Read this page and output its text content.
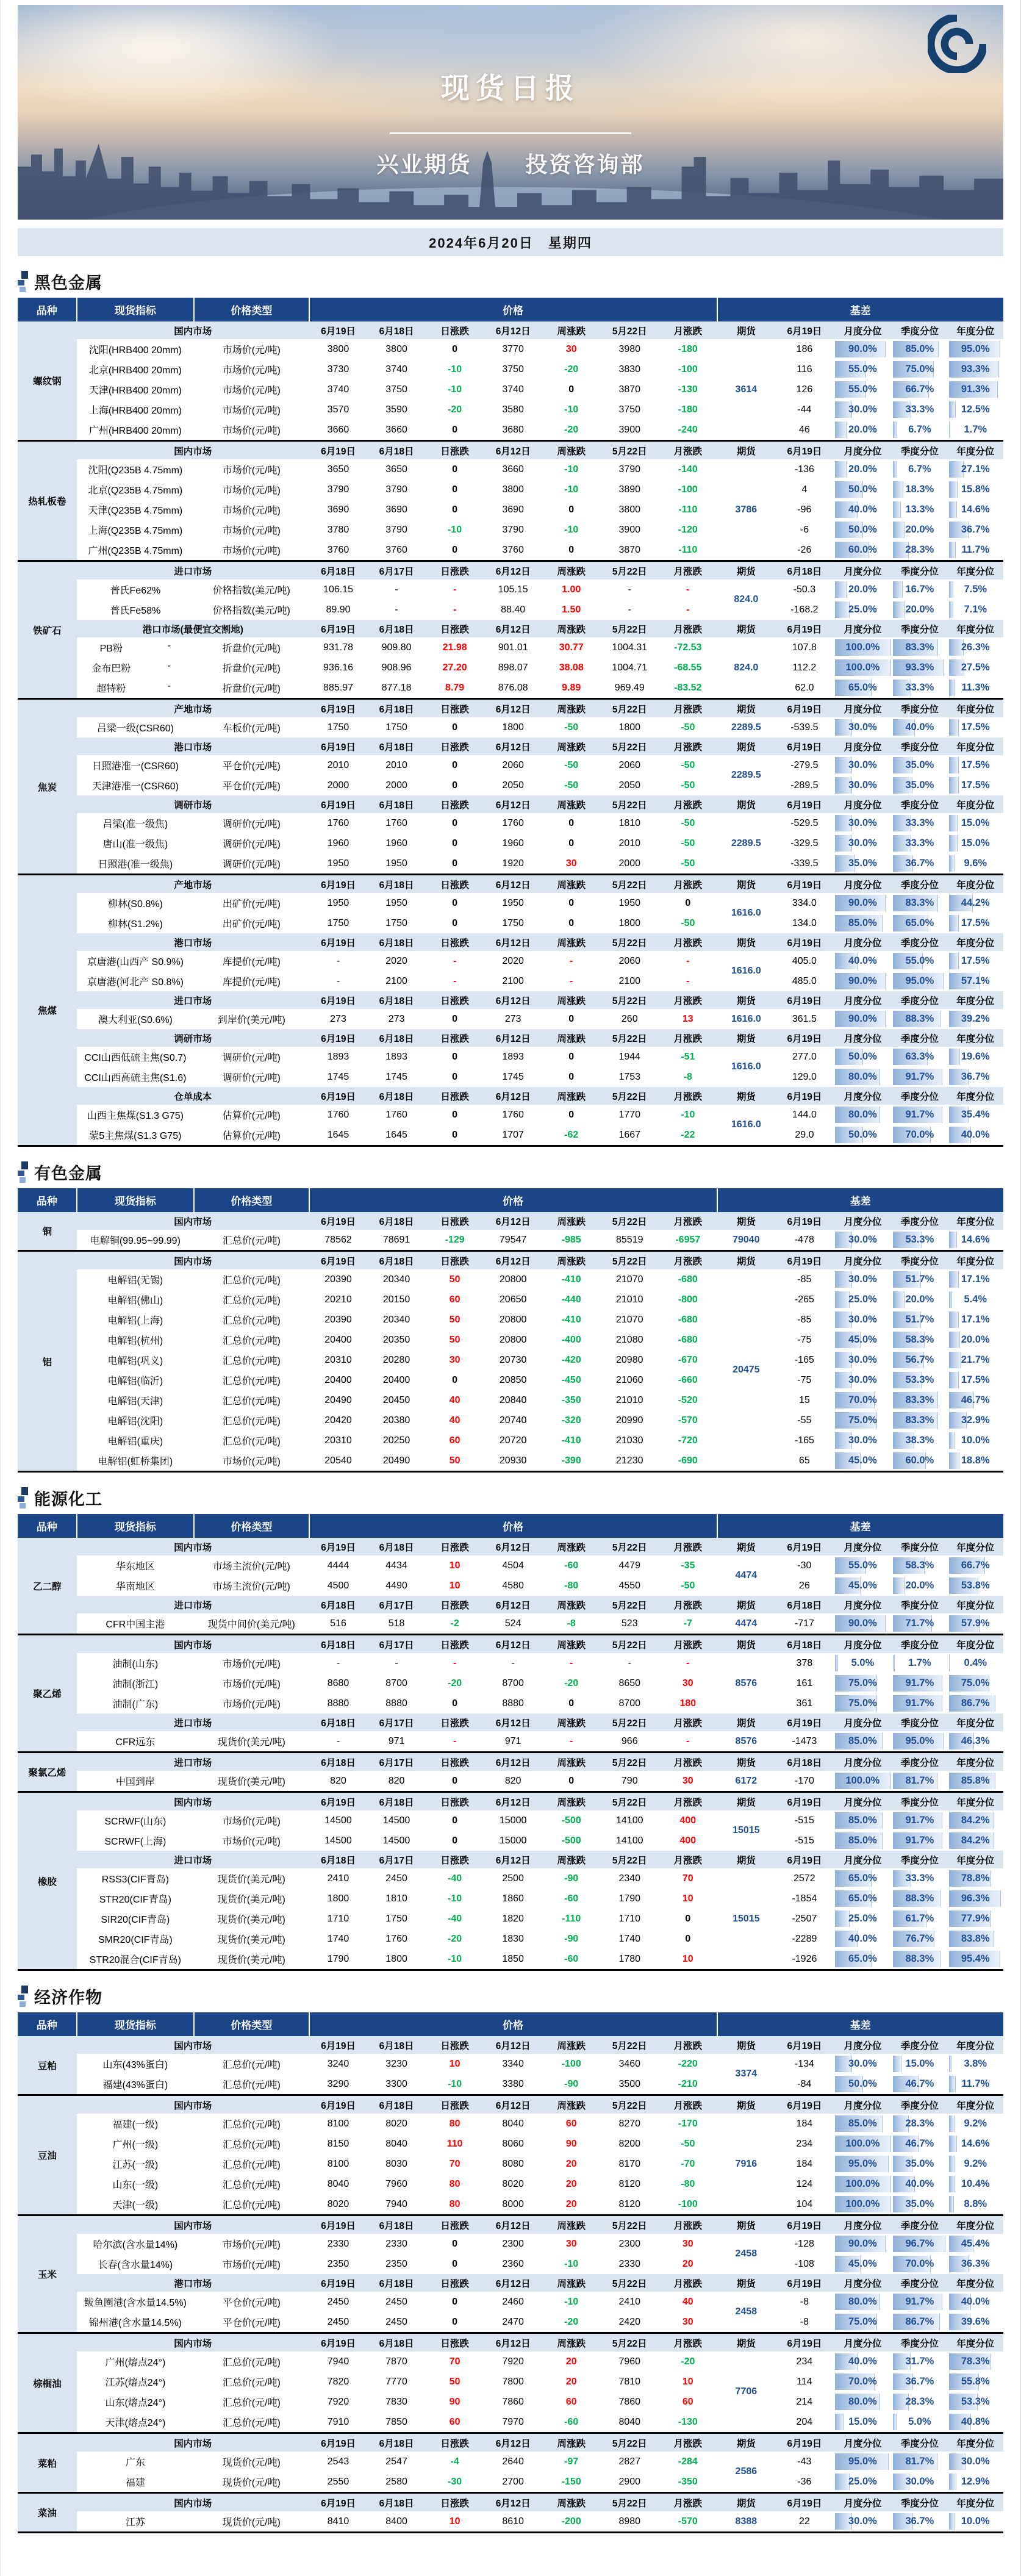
现货日报
兴业期货 投资咨询部
2024年6月20日　星期四
黑色金属
品种	现货指标	价格类型	价格							基差				
螺纹钢	国内市场		6月19日	6月18日	日涨跌	6月12日	周涨跌	5月22日	月涨跌	期货	6月19日	月度分位	季度分位	年度分位
	沈阳(HRB400 20mm)	市场价(元/吨)	3800	3800	0	3770	30	3980	-180	3614	186	90.0%	85.0%	95.0%
	北京(HRB400 20mm)	市场价(元/吨)	3730	3740	-10	3750	-20	3830	-100		116	55.0%	75.0%	93.3%
	天津(HRB400 20mm)	市场价(元/吨)	3740	3750	-10	3740	0	3870	-130		126	55.0%	66.7%	91.3%
	上海(HRB400 20mm)	市场价(元/吨)	3570	3590	-20	3580	-10	3750	-180		-44	30.0%	33.3%	12.5%
	广州(HRB400 20mm)	市场价(元/吨)	3660	3660	0	3680	-20	3900	-240		46	20.0%	6.7%	1.7%
热轧板卷	国内市场		6月19日	6月18日	日涨跌	6月12日	周涨跌	5月22日	月涨跌	期货	6月19日	月度分位	季度分位	年度分位
	沈阳(Q235B 4.75mm)	市场价(元/吨)	3650	3650	0	3660	-10	3790	-140	3786	-136	20.0%	6.7%	27.1%
	北京(Q235B 4.75mm)	市场价(元/吨)	3790	3790	0	3800	-10	3890	-100		4	50.0%	18.3%	15.8%
	天津(Q235B 4.75mm)	市场价(元/吨)	3690	3690	0	3690	0	3800	-110		-96	40.0%	13.3%	14.6%
	上海(Q235B 4.75mm)	市场价(元/吨)	3780	3790	-10	3790	-10	3900	-120		-6	50.0%	20.0%	36.7%
	广州(Q235B 4.75mm)	市场价(元/吨)	3760	3760	0	3760	0	3870	-110		-26	60.0%	28.3%	11.7%
铁矿石	进口市场		6月18日	6月17日	日涨跌	6月12日	周涨跌	5月22日	月涨跌	期货	6月18日	月度分位	季度分位	年度分位
	普氏Fe62%	价格指数(美元/吨)	106.15	-	-	105.15	1.00	-	-	824.0	-50.3	20.0%	16.7%	7.5%
	普氏Fe58%	价格指数(美元/吨)	89.90	-	-	88.40	1.50	-	-		-168.2	25.0%	20.0%	7.1%
	港口市场(最便宜交割地)		6月19日	6月18日	日涨跌	6月12日	周涨跌	5月22日	月涨跌	期货	6月19日	月度分位	季度分位	年度分位

	PB粉 -	折盘价(元/吨)	931.78	909.80	21.98	901.01	30.77	1004.31	-72.53	824.0	107.8	100.0%	83.3%	26.3%

	金布巴粉 -	折盘价(元/吨)	936.16	908.96	27.20	898.07	38.08	1004.71	-68.55		112.2	100.0%	93.3%	27.5%

	超特粉 -	折盘价(元/吨)	885.97	877.18	8.79	876.08	9.89	969.49	-83.52		62.0	65.0%	33.3%	11.3%
焦炭	产地市场		6月19日	6月18日	日涨跌	6月12日	周涨跌	5月22日	月涨跌	期货	6月19日	月度分位	季度分位	年度分位
	吕梁一级(CSR60)	车板价(元/吨)	1750	1750	0	1800	-50	1800	-50	2289.5	-539.5	30.0%	40.0%	17.5%
	港口市场		6月19日	6月18日	日涨跌	6月12日	周涨跌	5月22日	月涨跌	期货	6月19日	月度分位	季度分位	年度分位
	日照港准一(CSR60)	平仓价(元/吨)	2010	2010	0	2060	-50	2060	-50	2289.5	-279.5	30.0%	35.0%	17.5%
	天津港准一(CSR60)	平仓价(元/吨)	2000	2000	0	2050	-50	2050	-50		-289.5	30.0%	35.0%	17.5%
	调研市场		6月19日	6月18日	日涨跌	6月12日	周涨跌	5月22日	月涨跌	期货	6月19日	月度分位	季度分位	年度分位
	吕梁(准一级焦)	调研价(元/吨)	1760	1760	0	1760	0	1810	-50	2289.5	-529.5	30.0%	33.3%	15.0%
	唐山(准一级焦)	调研价(元/吨)	1960	1960	0	1960	0	2010	-50		-329.5	30.0%	33.3%	15.0%
	日照港(准一级焦)	调研价(元/吨)	1950	1950	0	1920	30	2000	-50		-339.5	35.0%	36.7%	9.6%
焦煤	产地市场		6月19日	6月18日	日涨跌	6月12日	周涨跌	5月22日	月涨跌	期货	6月19日	月度分位	季度分位	年度分位
	柳林(S0.8%)	出矿价(元/吨)	1950	1950	0	1950	0	1950	0	1616.0	334.0	90.0%	83.3%	44.2%
	柳林(S1.2%)	出矿价(元/吨)	1750	1750	0	1750	0	1800	-50		134.0	85.0%	65.0%	17.5%
	港口市场		6月19日	6月18日	日涨跌	6月12日	周涨跌	5月22日	月涨跌	期货	6月19日	月度分位	季度分位	年度分位
	京唐港(山西产 S0.9%)	库提价(元/吨)	-	2020	-	2020	-	2060	-	1616.0	405.0	40.0%	55.0%	17.5%
	京唐港(河北产 S0.8%)	库提价(元/吨)	-	2100	-	2100	-	2100	-		485.0	90.0%	95.0%	57.1%
	进口市场		6月19日	6月18日	日涨跌	6月12日	周涨跌	5月22日	月涨跌	期货	6月19日	月度分位	季度分位	年度分位
	澳大利亚(S0.6%)	到岸价(美元/吨)	273	273	0	273	0	260	13	1616.0	361.5	90.0%	88.3%	39.2%
	调研市场		6月19日	6月18日	日涨跌	6月12日	周涨跌	5月22日	月涨跌	期货	6月19日	月度分位	季度分位	年度分位
	CCI山西低硫主焦(S0.7)	调研价(元/吨)	1893	1893	0	1893	0	1944	-51	1616.0	277.0	50.0%	63.3%	19.6%
	CCI山西高硫主焦(S1.6)	调研价(元/吨)	1745	1745	0	1745	0	1753	-8		129.0	80.0%	91.7%	36.7%
	仓单成本		6月19日	6月18日	日涨跌	6月12日	周涨跌	5月22日	月涨跌	期货	6月19日	月度分位	季度分位	年度分位
	山西主焦煤(S1.3 G75)	估算价(元/吨)	1760	1760	0	1760	0	1770	-10	1616.0	144.0	80.0%	91.7%	35.4%
	蒙5主焦煤(S1.3 G75)	估算价(元/吨)	1645	1645	0	1707	-62	1667	-22		29.0	50.0%	70.0%	40.0%
有色金属
品种	现货指标	价格类型	价格							基差				
铜	国内市场		6月19日	6月18日	日涨跌	6月12日	周涨跌	5月22日	月涨跌	期货	6月19日	月度分位	季度分位	年度分位
	电解铜(99.95~99.99)	汇总价(元/吨)	78562	78691	-129	79547	-985	85519	-6957	79040	-478	30.0%	53.3%	14.6%
铝	国内市场		6月19日	6月18日	日涨跌	6月12日	周涨跌	5月22日	月涨跌	期货	6月19日	月度分位	季度分位	年度分位
	电解铝(无锡)	汇总价(元/吨)	20390	20340	50	20800	-410	21070	-680	20475	-85	30.0%	51.7%	17.1%
	电解铝(佛山)	汇总价(元/吨)	20210	20150	60	20650	-440	21010	-800		-265	25.0%	20.0%	5.4%
	电解铝(上海)	汇总价(元/吨)	20390	20340	50	20800	-410	21070	-680		-85	30.0%	51.7%	17.1%
	电解铝(杭州)	汇总价(元/吨)	20400	20350	50	20800	-400	21080	-680		-75	45.0%	58.3%	20.0%
	电解铝(巩义)	汇总价(元/吨)	20310	20280	30	20730	-420	20980	-670		-165	30.0%	56.7%	21.7%
	电解铝(临沂)	汇总价(元/吨)	20400	20400	0	20850	-450	21060	-660		-75	30.0%	53.3%	17.5%
	电解铝(天津)	汇总价(元/吨)	20490	20450	40	20840	-350	21010	-520		15	70.0%	83.3%	46.7%
	电解铝(沈阳)	汇总价(元/吨)	20420	20380	40	20740	-320	20990	-570		-55	75.0%	83.3%	32.9%
	电解铝(重庆)	汇总价(元/吨)	20310	20250	60	20720	-410	21030	-720		-165	30.0%	38.3%	10.0%
	电解铝(虹桥集团)	市场价(元/吨)	20540	20490	50	20930	-390	21230	-690		65	45.0%	60.0%	18.8%
能源化工
品种	现货指标	价格类型	价格							基差				
乙二醇	国内市场		6月19日	6月18日	日涨跌	6月12日	周涨跌	5月22日	月涨跌	期货	6月19日	月度分位	季度分位	年度分位
	华东地区	市场主流价(元/吨)	4444	4434	10	4504	-60	4479	-35	4474	-30	55.0%	58.3%	66.7%
	华南地区	市场主流价(元/吨)	4500	4490	10	4580	-80	4550	-50		26	45.0%	20.0%	53.8%
	进口市场		6月18日	6月17日	日涨跌	6月12日	周涨跌	5月22日	月涨跌	期货	6月18日	月度分位	季度分位	年度分位
	CFR中国主港	现货中间价(美元/吨)	516	518	-2	524	-8	523	-7	4474	-717	90.0%	71.7%	57.9%
聚乙烯	国内市场		6月18日	6月17日	日涨跌	6月12日	周涨跌	5月22日	月涨跌	期货	6月18日	月度分位	季度分位	年度分位
	油制(山东)	市场价(元/吨)	-	-	-	-	-	-	-	8576	378	5.0%	1.7%	0.4%
	油制(浙江)	市场价(元/吨)	8680	8700	-20	8700	-20	8650	30		161	75.0%	91.7%	75.0%
	油制(广东)	市场价(元/吨)	8880	8880	0	8880	0	8700	180		361	75.0%	91.7%	86.7%
	进口市场		6月18日	6月17日	日涨跌	6月12日	周涨跌	5月22日	月涨跌	期货	6月19日	月度分位	季度分位	年度分位
	CFR远东	现货价(美元/吨)	-	971	-	971	-	966	-	8576	-1473	85.0%	95.0%	46.3%
聚氯乙烯	进口市场		6月18日	6月17日	日涨跌	6月12日	周涨跌	5月22日	月涨跌	期货	6月18日	月度分位	季度分位	年度分位
	中国到岸	现货价(美元/吨)	820	820	0	820	0	790	30	6172	-170	100.0%	81.7%	85.8%
橡胶	国内市场		6月19日	6月18日	日涨跌	6月12日	周涨跌	5月22日	月涨跌	期货	6月19日	月度分位	季度分位	年度分位
	SCRWF(山东)	市场价(元/吨)	14500	14500	0	15000	-500	14100	400	15015	-515	85.0%	91.7%	84.2%
	SCRWF(上海)	市场价(元/吨)	14500	14500	0	15000	-500	14100	400		-515	85.0%	91.7%	84.2%
	进口市场		6月18日	6月17日	日涨跌	6月12日	周涨跌	5月22日	月涨跌	期货	6月19日	月度分位	季度分位	年度分位
	RSS3(CIF青岛)	现货价(美元/吨)	2410	2450	-40	2500	-90	2340	70	15015	2572	65.0%	33.3%	78.8%
	STR20(CIF青岛)	现货价(美元/吨)	1800	1810	-10	1860	-60	1790	10		-1854	65.0%	88.3%	96.3%
	SIR20(CIF青岛)	现货价(美元/吨)	1710	1750	-40	1820	-110	1710	0		-2507	25.0%	61.7%	77.9%
	SMR20(CIF青岛)	现货价(美元/吨)	1740	1760	-20	1830	-90	1740	0		-2289	40.0%	76.7%	83.8%
	STR20混合(CIF青岛)	现货价(美元/吨)	1790	1800	-10	1850	-60	1780	10		-1926	65.0%	88.3%	95.4%
经济作物
品种	现货指标	价格类型	价格							基差				
豆粕	国内市场		6月19日	6月18日	日涨跌	6月12日	周涨跌	5月22日	月涨跌	期货	6月19日	月度分位	季度分位	年度分位
	山东(43%蛋白)	汇总价(元/吨)	3240	3230	10	3340	-100	3460	-220	3374	-134	30.0%	15.0%	3.8%
	福建(43%蛋白)	汇总价(元/吨)	3290	3300	-10	3380	-90	3500	-210		-84	50.0%	46.7%	11.7%
豆油	国内市场		6月19日	6月18日	日涨跌	6月12日	周涨跌	5月22日	月涨跌	期货	6月19日	月度分位	季度分位	年度分位
	福建(一级)	汇总价(元/吨)	8100	8020	80	8040	60	8270	-170	7916	184	85.0%	28.3%	9.2%
	广州(一级)	汇总价(元/吨)	8150	8040	110	8060	90	8200	-50		234	100.0%	46.7%	14.6%
	江苏(一级)	汇总价(元/吨)	8100	8030	70	8080	20	8170	-70		184	95.0%	35.0%	9.2%
	山东(一级)	汇总价(元/吨)	8040	7960	80	8020	20	8120	-80		124	100.0%	40.0%	10.4%
	天津(一级)	汇总价(元/吨)	8020	7940	80	8000	20	8120	-100		104	100.0%	35.0%	8.8%
玉米	国内市场		6月19日	6月18日	日涨跌	6月12日	周涨跌	5月22日	月涨跌	期货	6月19日	月度分位	季度分位	年度分位
	哈尔滨(含水量14%)	市场价(元/吨)	2330	2330	0	2300	30	2300	30	2458	-128	90.0%	96.7%	45.4%
	长春(含水量14%)	市场价(元/吨)	2350	2350	0	2360	-10	2330	20		-108	45.0%	70.0%	36.3%
	港口市场		6月19日	6月18日	日涨跌	6月12日	周涨跌	5月22日	月涨跌	期货	6月19日	月度分位	季度分位	年度分位
	鲅鱼圈港(含水量14.5%)	平仓价(元/吨)	2450	2450	0	2460	-10	2410	40	2458	-8	80.0%	91.7%	40.0%
	锦州港(含水量14.5%)	平仓价(元/吨)	2450	2450	0	2470	-20	2420	30		-8	75.0%	86.7%	39.6%
棕榈油	国内市场		6月19日	6月18日	日涨跌	6月12日	周涨跌	5月22日	月涨跌	期货	6月19日	月度分位	季度分位	年度分位
	广州(熔点24°)	汇总价(元/吨)	7940	7870	70	7920	20	7960	-20	7706	234	40.0%	31.7%	78.3%
	江苏(熔点24°)	汇总价(元/吨)	7820	7770	50	7800	20	7810	10		114	70.0%	36.7%	55.8%
	山东(熔点24°)	汇总价(元/吨)	7920	7830	90	7860	60	7860	60		214	80.0%	28.3%	53.3%
	天津(熔点24°)	汇总价(元/吨)	7910	7850	60	7970	-60	8040	-130		204	15.0%	5.0%	40.8%
菜粕	国内市场		6月19日	6月18日	日涨跌	6月12日	周涨跌	5月22日	月涨跌	期货	6月19日	月度分位	季度分位	年度分位
	广东	现货价(元/吨)	2543	2547	-4	2640	-97	2827	-284	2586	-43	95.0%	81.7%	30.0%
	福建	现货价(元/吨)	2550	2580	-30	2700	-150	2900	-350		-36	25.0%	30.0%	12.9%
菜油	国内市场		6月19日	6月18日	日涨跌	6月12日	周涨跌	5月22日	月涨跌	期货	6月19日	月度分位	季度分位	年度分位
	江苏	现货价(元/吨)	8410	8400	10	8610	-200	8980	-570	8388	22	30.0%	36.7%	10.0%
